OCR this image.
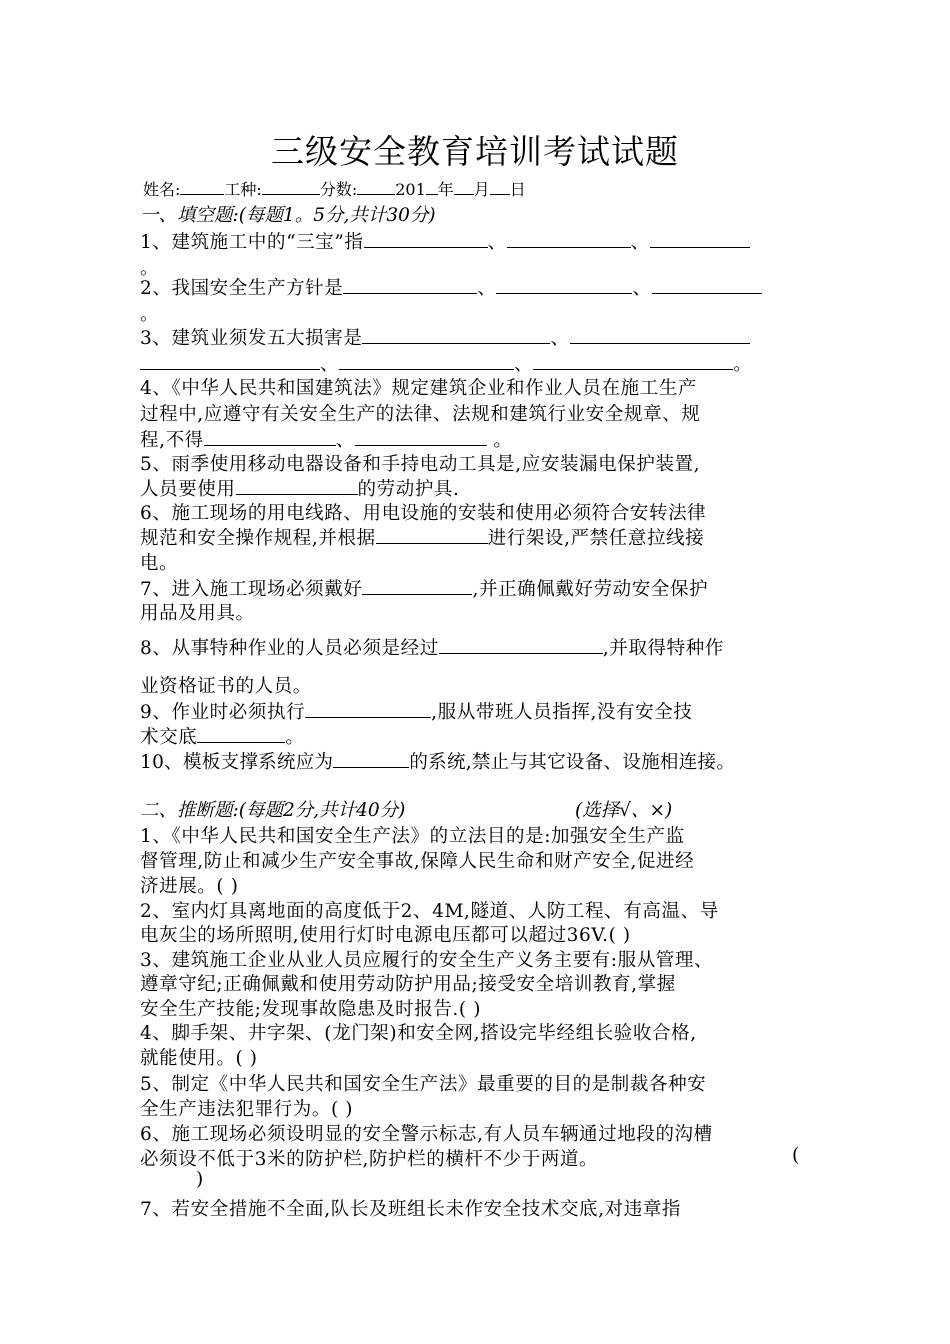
三级安全教育培训考试试题
姓名:	工种:	分数: 201 年 月 日
一、填空题:(每题1。5分,共计30分)
1、建筑施工中的“三宝”指	、	、
。
2、我国安全生产方针是	、	、
。
3、建筑业须发五大损害是	、
、	、	。
4、《中华人民共和国建筑法》规定建筑企业和作业人员在施工生产
过程中,应遵守有关安全生产的法律、法规和建筑行业安全规章、规
程,不得	、	。
5、雨季使用移动电器设备和手持电动工具是,应安装漏电保护装置,
人员要使用	的劳动护具.
6、施工现场的用电线路、用电设施的安装和使用必须符合安转法律
规范和安全操作规程,并根据	进行架设,严禁任意拉线接
电。
7、进入施工现场必须戴好	,并正确佩戴好劳动安全保护
用品及用具。
8、从事特种作业的人员必须是经过	,并取得特种作
业资格证书的人员。
9、作业时必须执行	,服从带班人员指挥,没有安全技
术交底	。
10、模板支撑系统应为	的系统,禁止与其它设备、设施相连接。
二、推断题:(每题2分,共计40分)	(选择√、×)
1、《中华人民共和国安全生产法》的立法目的是:加强安全生产监
督管理,防止和减少生产安全事故,保障人民生命和财产安全,促进经
济进展。( )
2、室内灯具离地面的高度低于2、4M,隧道、人防工程、有高温、导
电灰尘的场所照明,使用行灯时电源电压都可以超过36V.( )
3、建筑施工企业从业人员应履行的安全生产义务主要有:服从管理、
遵章守纪;正确佩戴和使用劳动防护用品;接受安全培训教育,掌握
安全生产技能;发现事故隐患及时报告.( )
4、脚手架、井字架、(龙门架)和安全网,搭设完毕经组长验收合格,
就能使用。( )
5、制定《中华人民共和国安全生产法》最重要的目的是制裁各种安
全生产违法犯罪行为。( )
6、施工现场必须设明显的安全警示标志,有人员车辆通过地段的沟槽
必须设不低于3米的防护栏,防护栏的横杆不少于两道。	(
)
7、若安全措施不全面,队长及班组长未作安全技术交底,对违章指
